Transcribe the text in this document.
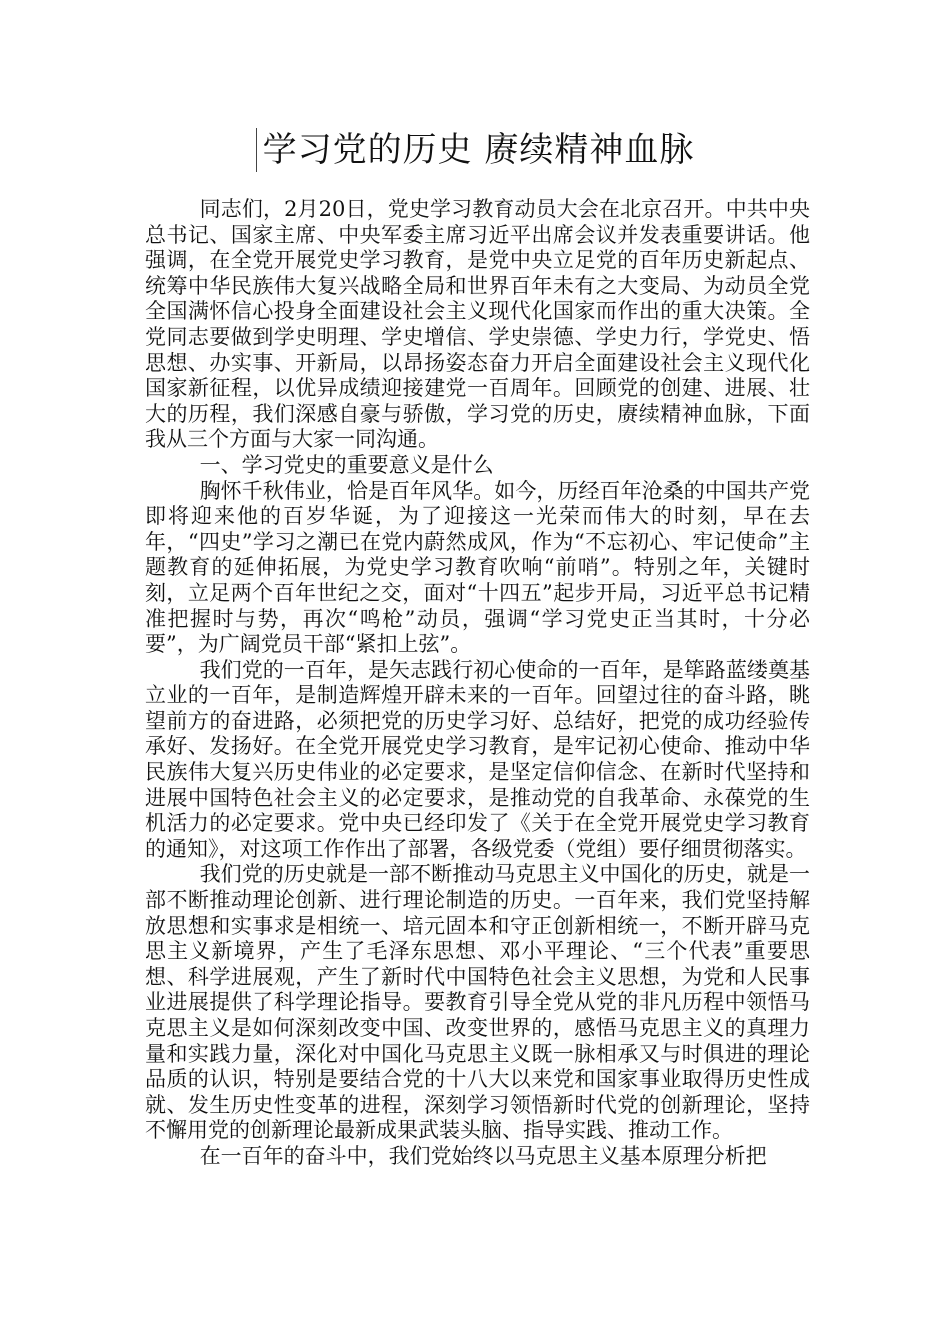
学习党的历史 赓续精神血脉

同志们，2月20日，党史学习教育动员大会在北京召开。中共中央总书记、国家主席、中央军委主席习近平出席会议并发表重要讲话。他强调，在全党开展党史学习教育，是党中央立足党的百年历史新起点、统筹中华民族伟大复兴战略全局和世界百年未有之大变局、为动员全党全国满怀信心投身全面建设社会主义现代化国家而作出的重大决策。全党同志要做到学史明理、学史增信、学史崇德、学史力行，学党史、悟思想、办实事、开新局，以昂扬姿态奋力开启全面建设社会主义现代化国家新征程，以优异成绩迎接建党一百周年。回顾党的创建、进展、壮大的历程，我们深感自豪与骄傲，学习党的历史，赓续精神血脉，下面我从三个方面与大家一同沟通。

一、学习党史的重要意义是什么

胸怀千秋伟业，恰是百年风华。如今，历经百年沧桑的中国共产党即将迎来他的百岁华诞，为了迎接这一光荣而伟大的时刻，早在去年，“四史”学习之潮已在党内蔚然成风，作为“不忘初心、牢记使命”主题教育的延伸拓展，为党史学习教育吹响“前哨”。特别之年，关键时刻，立足两个百年世纪之交，面对“十四五”起步开局，习近平总书记精准把握时与势，再次“鸣枪”动员，强调“学习党史正当其时，十分必要”，为广阔党员干部“紧扣上弦”。

我们党的一百年，是矢志践行初心使命的一百年，是筚路蓝缕奠基立业的一百年，是制造辉煌开辟未来的一百年。回望过往的奋斗路，眺望前方的奋进路，必须把党的历史学习好、总结好，把党的成功经验传承好、发扬好。在全党开展党史学习教育，是牢记初心使命、推动中华民族伟大复兴历史伟业的必定要求，是坚定信仰信念、在新时代坚持和进展中国特色社会主义的必定要求，是推动党的自我革命、永葆党的生机活力的必定要求。党中央已经印发了《关于在全党开展党史学习教育的通知》，对这项工作作出了部署，各级党委（党组）要仔细贯彻落实。

我们党的历史就是一部不断推动马克思主义中国化的历史，就是一部不断推动理论创新、进行理论制造的历史。一百年来，我们党坚持解放思想和实事求是相统一、培元固本和守正创新相统一，不断开辟马克思主义新境界，产生了毛泽东思想、邓小平理论、“三个代表”重要思想、科学进展观，产生了新时代中国特色社会主义思想，为党和人民事业进展提供了科学理论指导。要教育引导全党从党的非凡历程中领悟马克思主义是如何深刻改变中国、改变世界的，感悟马克思主义的真理力量和实践力量，深化对中国化马克思主义既一脉相承又与时俱进的理论品质的认识，特别是要结合党的十八大以来党和国家事业取得历史性成就、发生历史性变革的进程，深刻学习领悟新时代党的创新理论，坚持不懈用党的创新理论最新成果武装头脑、指导实践、推动工作。

在一百年的奋斗中，我们党始终以马克思主义基本原理分析把
